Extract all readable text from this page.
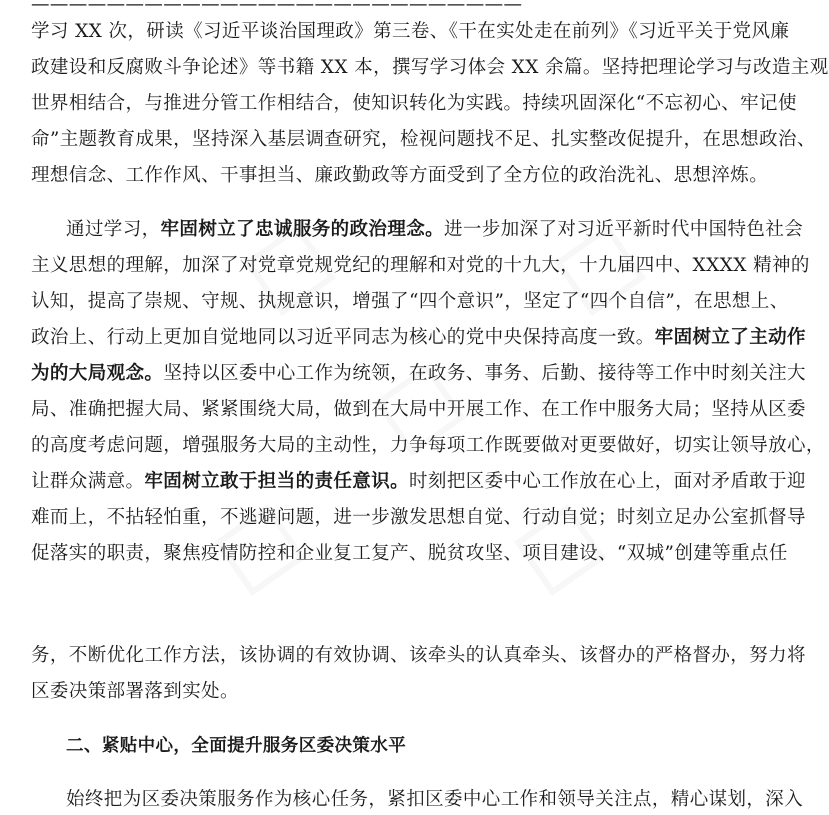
——————————————————————————
学习 XX 次，研读《习近平谈治国理政》第三卷、《干在实处走在前列》《习近平关于党风廉
政建设和反腐败斗争论述》等书籍 XX 本，撰写学习体会 XX 余篇。坚持把理论学习与改造主观
世界相结合，与推进分管工作相结合，使知识转化为实践。持续巩固深化“不忘初心、牢记使
命”主题教育成果，坚持深入基层调查研究，检视问题找不足、扎实整改促提升，在思想政治、
理想信念、工作作风、干事担当、廉政勤政等方面受到了全方位的政治洗礼、思想淬炼。
通过学习，牢固树立了忠诚服务的政治理念。进一步加深了对习近平新时代中国特色社会
主义思想的理解，加深了对党章党规党纪的理解和对党的十九大，十九届四中、XXXX 精神的
认知，提高了崇规、守规、执规意识，增强了“四个意识”，坚定了“四个自信”，在思想上、
政治上、行动上更加自觉地同以习近平同志为核心的党中央保持高度一致。牢固树立了主动作
为的大局观念。坚持以区委中心工作为统领，在政务、事务、后勤、接待等工作中时刻关注大
局、准确把握大局、紧紧围绕大局，做到在大局中开展工作、在工作中服务大局；坚持从区委
的高度考虑问题，增强服务大局的主动性，力争每项工作既要做对更要做好，切实让领导放心，
让群众满意。牢固树立敢于担当的责任意识。时刻把区委中心工作放在心上，面对矛盾敢于迎
难而上，不拈轻怕重，不逃避问题，进一步激发思想自觉、行动自觉；时刻立足办公室抓督导
促落实的职责，聚焦疫情防控和企业复工复产、脱贫攻坚、项目建设、“双城”创建等重点任
务，不断优化工作方法，该协调的有效协调、该牵头的认真牵头、该督办的严格督办，努力将
区委决策部署落到实处。
二、紧贴中心，全面提升服务区委决策水平
始终把为区委决策服务作为核心任务，紧扣区委中心工作和领导关注点，精心谋划，深入
